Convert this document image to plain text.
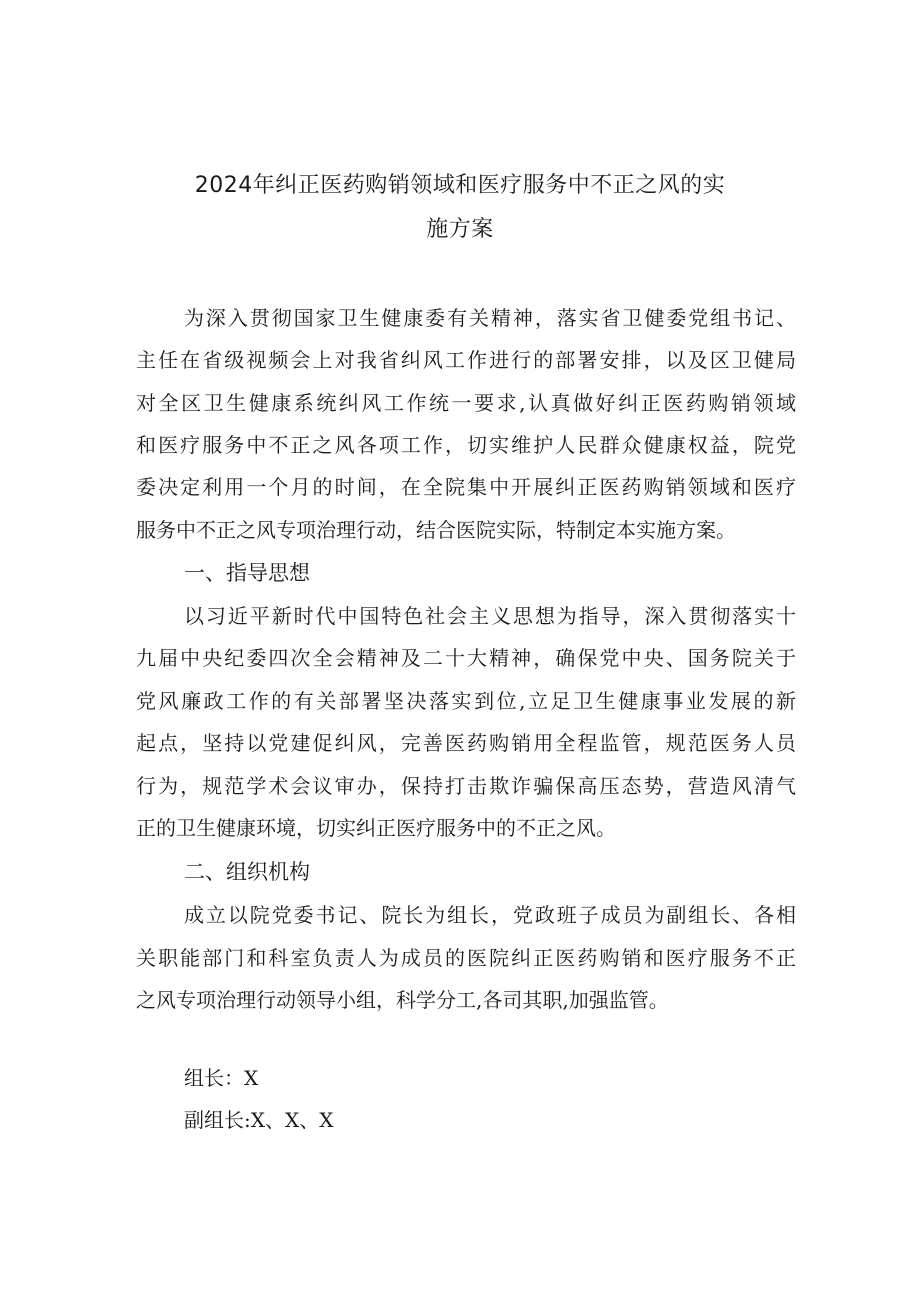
2024年纠正医药购销领域和医疗服务中不正之风的实
施方案
为深入贯彻国家卫生健康委有关精神，落实省卫健委党组书记、
主任在省级视频会上对我省纠风工作进行的部署安排，以及区卫健局
对全区卫生健康系统纠风工作统一要求,认真做好纠正医药购销领域
和医疗服务中不正之风各项工作，切实维护人民群众健康权益，院党
委决定利用一个月的时间，在全院集中开展纠正医药购销领域和医疗
服务中不正之风专项治理行动，结合医院实际，特制定本实施方案。
一、指导思想
以习近平新时代中国特色社会主义思想为指导，深入贯彻落实十
九届中央纪委四次全会精神及二十大精神，确保党中央、国务院关于
党风廉政工作的有关部署坚决落实到位,立足卫生健康事业发展的新
起点，坚持以党建促纠风，完善医药购销用全程监管，规范医务人员
行为，规范学术会议审办，保持打击欺诈骗保高压态势，营造风清气
正的卫生健康环境，切实纠正医疗服务中的不正之风。
二、组织机构
成立以院党委书记、院长为组长，党政班子成员为副组长、各相
关职能部门和科室负责人为成员的医院纠正医药购销和医疗服务不正
之风专项治理行动领导小组，科学分工,各司其职,加强监管。
组长：X
副组长:X、X、X
